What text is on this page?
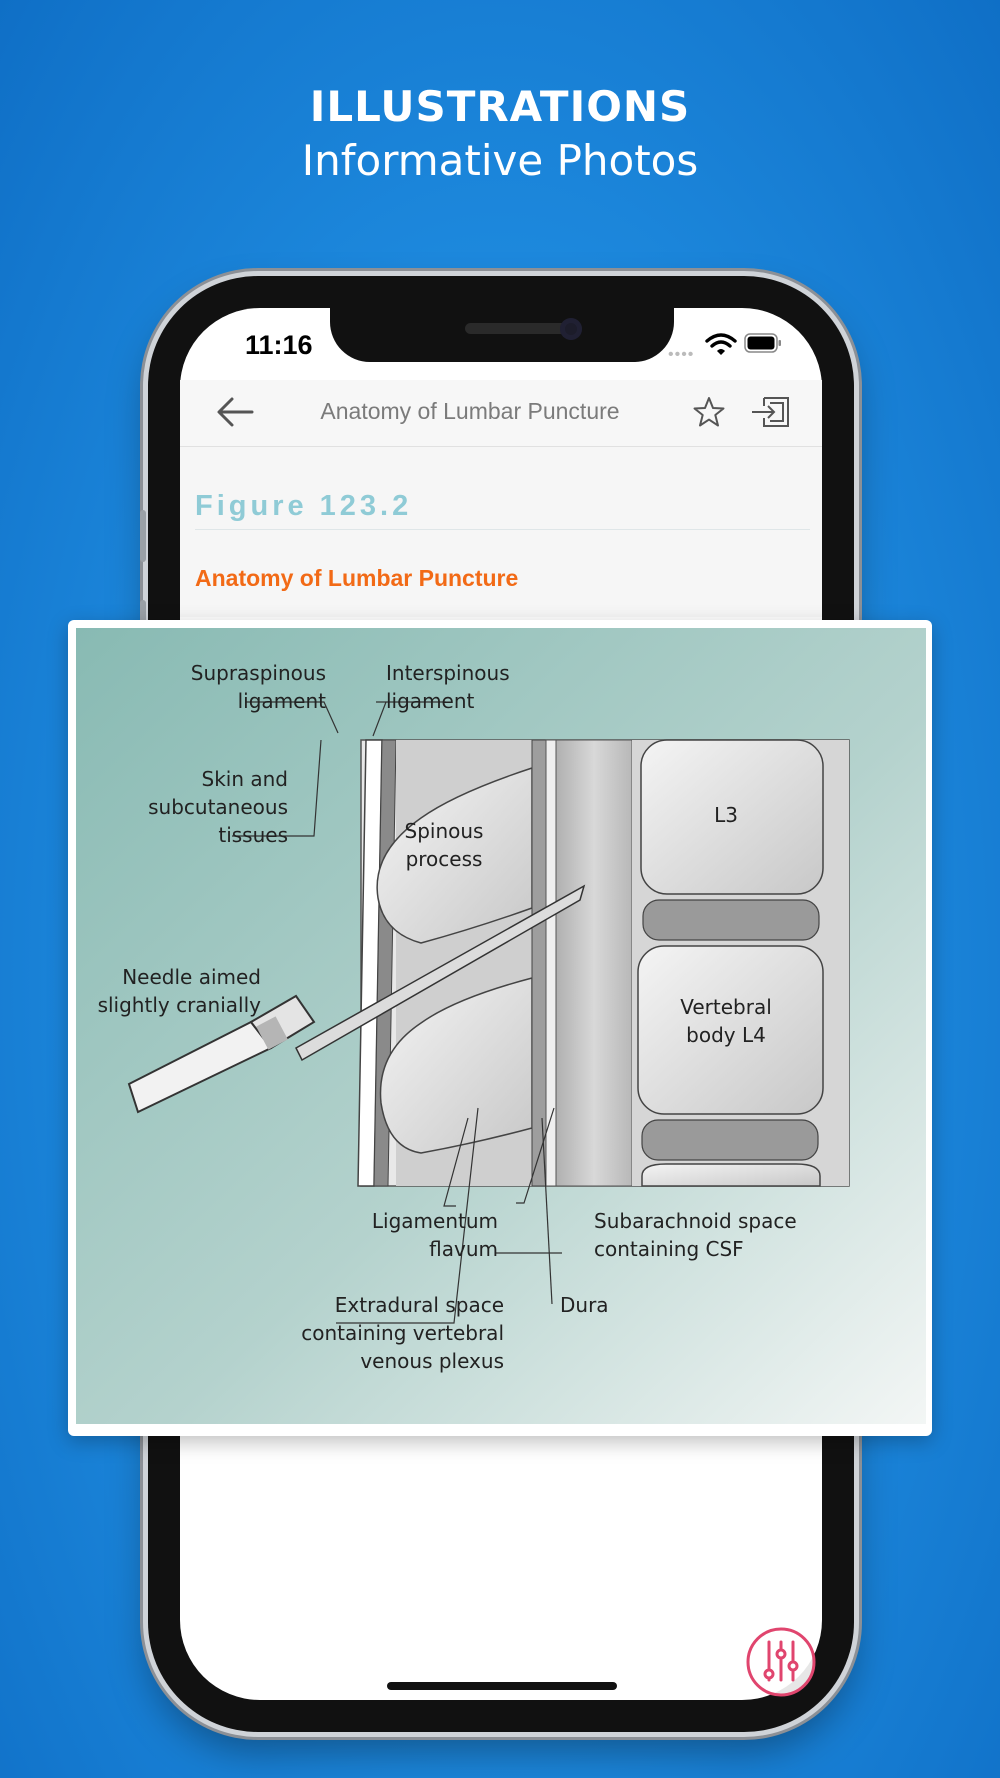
ILLUSTRATIONS
Informative Photos
11:16	••••
Anatomy of Lumbar Puncture
Figure 123.2
Anatomy of Lumbar Puncture
Supraspinous ligament
Interspinous ligament
Skin and subcutaneous tissues	Spinous process
Needle aimed slightly cranially
L3
Vertebral body L4
Ligamentum flavum
Subarachnoid space containing CSF
Dura
Extradural space containing vertebral venous plexus
